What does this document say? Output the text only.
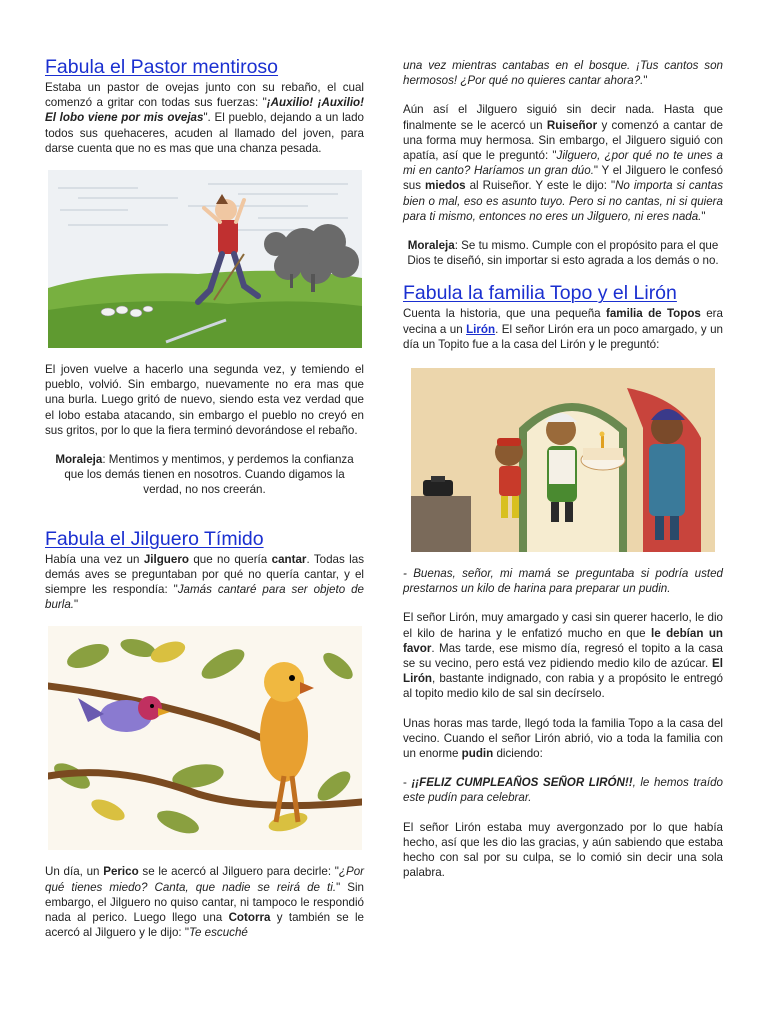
Fabula el Pastor mentiroso

Estaba un pastor de ovejas junto con su rebaño, el cual comenzó a gritar con todas sus fuerzas: "¡Auxilio! ¡Auxilio! El lobo viene por mis ovejas". El pueblo, dejando a un lado todos sus quehaceres, acuden al llamado del joven, para darse cuenta que no es mas que una chanza pesada.

El joven vuelve a hacerlo una segunda vez, y temiendo el pueblo, volvió. Sin embargo, nuevamente no era mas que una burla. Luego gritó de nuevo, siendo esta vez verdad que el lobo estaba atacando, sin embargo el pueblo no creyó en sus gritos, por lo que la fiera terminó devorándose el rebaño.

Moraleja: Mentimos y mentimos, y perdemos la confianza que los demás tienen en nosotros. Cuando digamos la verdad, no nos creerán.

Fabula el Jilguero Tímido

Había una vez un Jilguero que no quería cantar. Todas las demás aves se preguntaban por qué no quería cantar, y el siempre les respondía: "Jamás cantaré para ser objeto de burla."

Un día, un Perico se le acercó al Jilguero para decirle: "¿Por qué tienes miedo? Canta, que nadie se reirá de ti." Sin embargo, el Jilguero no quiso cantar, ni tampoco le respondió nada al perico. Luego llego una Cotorra y también se le acercó al Jilguero y le dijo: "Te escuché

una vez mientras cantabas en el bosque. ¡Tus cantos son hermosos! ¿Por qué no quieres cantar ahora?."

Aún así el Jilguero siguió sin decir nada. Hasta que finalmente se le acercó un Ruiseñor y comenzó a cantar de una forma muy hermosa. Sin embargo, el Jilguero siguió con apatía, así que le preguntó: "Jilguero, ¿por qué no te unes a mi en canto? Haríamos un gran dúo." Y el Jilguero le confesó sus miedos al Ruiseñor. Y este le dijo: "No importa si cantas bien o mal, eso es asunto tuyo. Pero si no cantas, ni si quiera para ti mismo, entonces no eres un Jilguero, ni eres nada."

Moraleja: Se tu mismo. Cumple con el propósito para el que Dios te diseñó, sin importar si esto agrada a los demás o no.

Fabula la familia Topo y el Lirón

Cuenta la historia, que una pequeña familia de Topos era vecina a un Lirón. El señor Lirón era un poco amargado, y un día un Topito fue a la casa del Lirón y le preguntó:

- Buenas, señor, mi mamá se preguntaba si podría usted prestarnos un kilo de harina para preparar un pudin.

El señor Lirón, muy amargado y casi sin querer hacerlo, le dio el kilo de harina y le enfatizó mucho en que le debían un favor. Mas tarde, ese mismo día, regresó el topito a la casa se su vecino, pero está vez pidiendo medio kilo de azúcar. El Lirón, bastante indignado, con rabia y a propósito le entregó al topito medio kilo de sal sin decírselo.

Unas horas mas tarde, llegó toda la familia Topo a la casa del vecino. Cuando el señor Lirón abrió, vio a toda la familia con un enorme pudin diciendo:

- ¡¡FELIZ CUMPLEAÑOS SEÑOR LIRÓN!!, le hemos traído este pudín para celebrar.

El señor Lirón estaba muy avergonzado por lo que había hecho, así que les dio las gracias, y aún sabiendo que estaba hecho con sal por su culpa, se lo comió sin decir una sola palabra.
